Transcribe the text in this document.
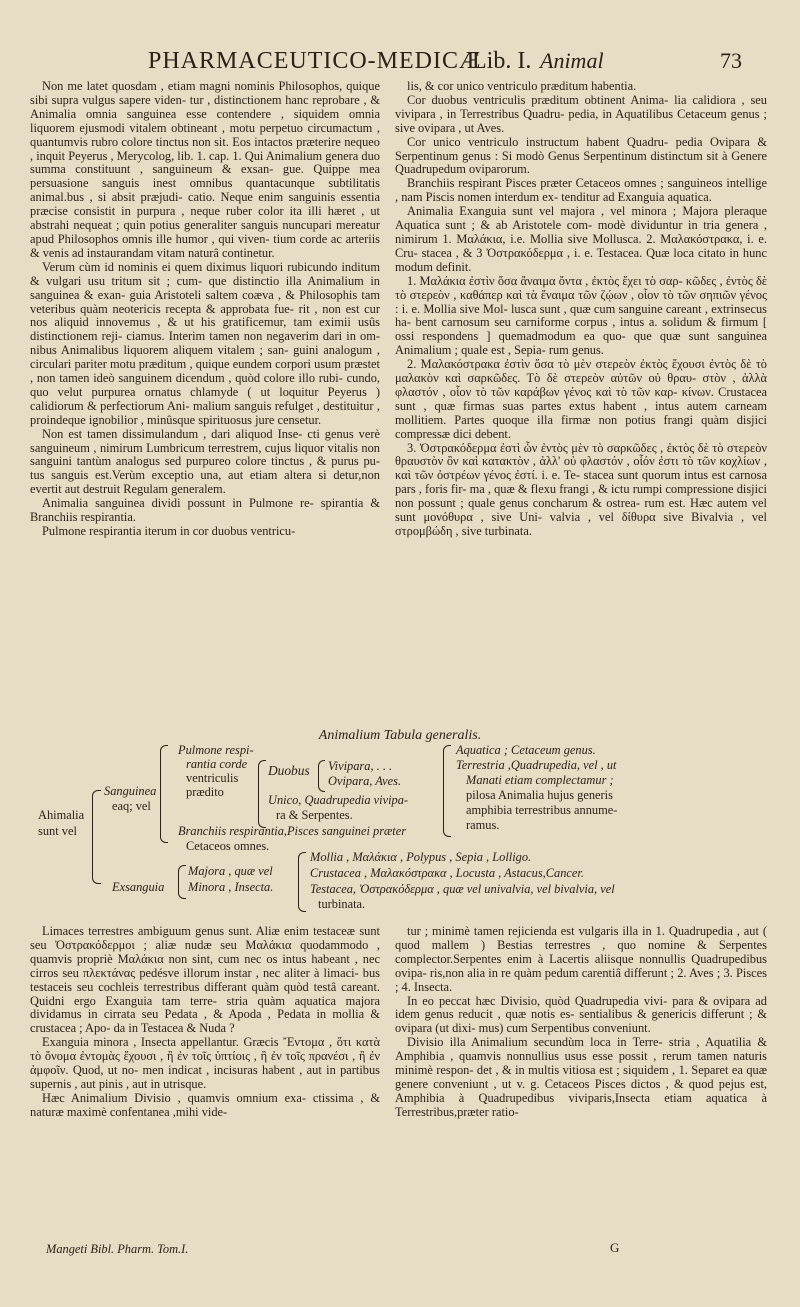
PHARMACEUTICO-MEDICÆ
Lib. I. Animal	73

Non me latet quosdam , etiam magni nominis Philosophos, quique sibi supra vulgus sapere viden- tur , distinctionem hanc reprobare , & Animalia omnia sanguinea esse contendere , siquidem omnia liquorem ejusmodi vitalem obtineant , motu perpetuo circumactum , quantumvis rubro colore tinctus non sit. Eos intactos præterire nequeo , inquit Peyerus , Merycolog, lib. 1. cap. 1. Qui Animalium genera duo summa constituunt , sanguineum & exsan- gue. Quippe mea persuasione sanguis inest omnibus quantacunque subtilitatis animal.bus , si absit præjudi- catio. Neque enim sanguinis essentia præcise consistit in purpura , neque ruber color ita illi hæret , ut abstrahi nequeat ; quin potius generaliter sanguis nuncupari mereatur apud Philosophos omnis ille humor , qui viven- tium corde ac arteriis & venis ad instaurandam vitam naturâ continetur.

Verum cùm id nominis ei quem diximus liquori rubicundo inditum & vulgari usu tritum sit ; cum- que distinctio illa Animalium in sanguinea & exan- guia Aristoteli saltem coæva , & Philosophis tam veteribus quàm neotericis recepta & approbata fue- rit , non est cur nos aliquid innovemus , & ut his gratificemur, tam eximii usûs distinctionem reji- ciamus. Interim tamen non negaverim dari in om- nibus Animalibus liquorem aliquem vitalem ; san- guini analogum , circulari pariter motu præditum , quique eundem corpori usum præstet , non tamen ideò sanguinem dicendum , quòd colore illo rubi- cundo, quo velut purpurea ornatus chlamyde ( ut loquitur Peyerus ) calidiorum & perfectiorum Ani- malium sanguis refulget , destituitur , proindeque ignobilior , minûsque spirituosus jure censetur.

Non est tamen dissimulandum , dari aliquod Inse- cti genus verè sanguineum , nimirum Lumbricum terrestrem, cujus liquor vitalis non sanguini tantùm analogus sed purpureo colore tinctus , & purus pu- tus sanguis est.Verùm exceptio una, aut etiam altera si detur,non evertit aut destruit Regulam generalem.

Animalia sanguinea dividi possunt in Pulmone re- spirantia & Branchiis respirantia.

Pulmone respirantia iterum in cor duobus ventricu-

lis, & cor unico ventriculo præditum habentia.

Cor duobus ventriculis præditum obtinent Anima- lia calidiora , seu vivipara , in Terrestribus Quadru- pedia, in Aquatilibus Cetaceum genus ; sive ovipara , ut Aves.

Cor unico ventriculo instructum habent Quadru- pedia Ovipara & Serpentinum genus : Si modò Genus Serpentinum distinctum sit à Genere Quadrupedum oviparorum.

Branchiis respirant Pisces præter Cetaceos omnes ; sanguineos intellige , nam Piscis nomen interdum ex- tenditur ad Exanguia aquatica.

Animalia Exanguia sunt vel majora , vel minora ; Majora pleraque Aquatica sunt ; & ab Aristotele com- modè dividuntur in tria genera , nimirum 1. Μαλάκια, i.e. Mollia sive Mollusca. 2. Μαλακόστρακα, i. e. Cru- stacea , & 3 Ὀστρακόδερμα , i. e. Testacea. Quæ loca citato in hunc modum definit.

1. Μαλάκια ἐστὶν ὅσα ἄναιμα ὄντα , ἐκτὸς ἔχει τὸ σαρ- κῶδες , ἐντὸς δὲ τὸ στερεὸν , καθάπερ καὶ τὰ ἔναιμα τῶν ζῴων , οἷον τὸ τῶν σηπιῶν γένος : i. e. Mollia sive Mol- lusca sunt , quæ cum sanguine careant , extrinsecus ha- bent carnosum seu carniforme corpus , intus a. solidum & firmum [ ossi respondens ] quemadmodum ea quo- que quæ sunt sanguinea Animalium ; quale est , Sepia- rum genus.

2. Μαλακόστρακα ἐστὶν ὅσα τὸ μὲν στερεὸν ἐκτὸς ἔχουσι ἐντὸς δὲ τὸ μαλακὸν καὶ σαρκῶδες. Τὸ δὲ στερεὸν αὐτῶν οὐ θραυ- στὸν , ἀλλὰ φλαστόν , οἷον τὸ τῶν καράβων γένος καὶ τὸ τῶν καρ- κίνων. Crustacea sunt , quæ firmas suas partes extus habent , intus autem carneam mollitiem. Partes quoque illa firmæ non potius frangi quàm disjici compressæ dici debent.

3. Ὀστρακόδερμα ἐστὶ ὧν ἐντὸς μὲν τὸ σαρκῶδες , ἐκτὸς δὲ τὸ στερεὸν θραυστὸν ὂν καὶ κατακτὸν , ἀλλ' οὐ φλαστόν , οἷόν ἐστι τὸ τῶν κοχλίων , καὶ τῶν ὀστρέων γένος ἐστί. i. e. Te- stacea sunt quorum intus est carnosa pars , foris fir- ma , quæ & flexu frangi , & ictu rumpi compressione disjici non possunt ; quale genus concharum & ostrea- rum est. Hæc autem vel sunt μονόθυρα , sive Uni- valvia , vel δίθυρα sive Bivalvia , vel στρομβώδη , sive turbinata.

Animalium Tabula generalis.
Ahimalia
sunt vel
Sanguinea
eaq; vel
Pulmone respi-
rantia corde
ventriculis
prædito
Duobus Vivipara, . . .
Ovipara, Aves.
Unico, Quadrupedia vivipa-
ra & Serpentes.
Branchiis respirantia,Pisces sanguinei præter
Cetaceos omnes.
Aquatica ; Cetaceum genus.
Terrestria ,Quadrupedia, vel , ut
Manati etiam complectamur ;
pilosa Animalia hujus generis
amphibia terrestribus annume-
ramus.
Exsanguia
Majora , quæ vel
Minora , Insecta.
Mollia , Μαλάκια , Polypus , Sepia , Lolligo.
Crustacea , Μαλακόστρακα , Locusta , Astacus,Cancer.
Testacea, Ὀστρακόδερμα , quæ vel univalvia, vel bivalvia, vel
turbinata.

Limaces terrestres ambiguum genus sunt. Aliæ enim testaceæ sunt seu Ὀστρακόδερμοι ; aliæ nudæ seu Μαλάκια quodammodo , quamvis propriè Μαλάκια non sint, cum nec os intus habeant , nec cirros seu πλεκτάνας pedésve illorum instar , nec aliter à limaci- bus testaceis seu cochleis terrestribus differant quàm quòd testâ careant. Quidni ergo Exanguia tam terre- stria quàm aquatica majora dividamus in cirrata seu Pedata , & Apoda , Pedata in mollia & crustacea ; Apo- da in Testacea & Nuda ?

Exanguia minora , Insecta appellantur. Græcis Ἔντομα , ὅτι κατὰ τὸ ὄνομα ἐντομὰς ἔχουσι , ἢ ἐν τοῖς ὑπτίοις , ἢ ἐν τοῖς πρανέσι , ἢ ἐν ἀμφοῖν. Quod, ut no- men indicat , incisuras habent , aut in partibus supernis , aut pinis , aut in utrisque.

Hæc Animalium Divisio , quamvis omnium exa- ctissima , & naturæ maximè confentanea ,mihi vide-

tur ; minimè tamen rejicienda est vulgaris illa in 1. Quadrupedia , aut ( quod mallem ) Bestias terrestres , quo nomine & Serpentes complector.Serpentes enim à Lacertis aliisque nonnullis Quadrupedibus ovipa- ris,non alia in re quàm pedum carentiâ differunt ; 2. Aves ; 3. Pisces ; 4. Insecta.

In eo peccat hæc Divisio, quòd Quadrupedia vivi- para & ovipara ad idem genus reducit , quæ notis es- sentialibus & genericis differunt ; & ovipara (ut dixi- mus) cum Serpentibus conveniunt.

Divisio illa Animalium secundùm loca in Terre- stria , Aquatilia & Amphibia , quamvis nonnullius usus esse possit , rerum tamen naturis minimè respon- det , & in multis vitiosa est ; siquidem , 1. Separet ea quæ genere conveniunt , ut v. g. Cetaceos Pisces dictos , & quod pejus est, Amphibia à Quadrupedibus viviparis,Insecta etiam aquatica à Terrestribus,præter ratio-

Mangeti Bibl. Pharm. Tom.I.	G
